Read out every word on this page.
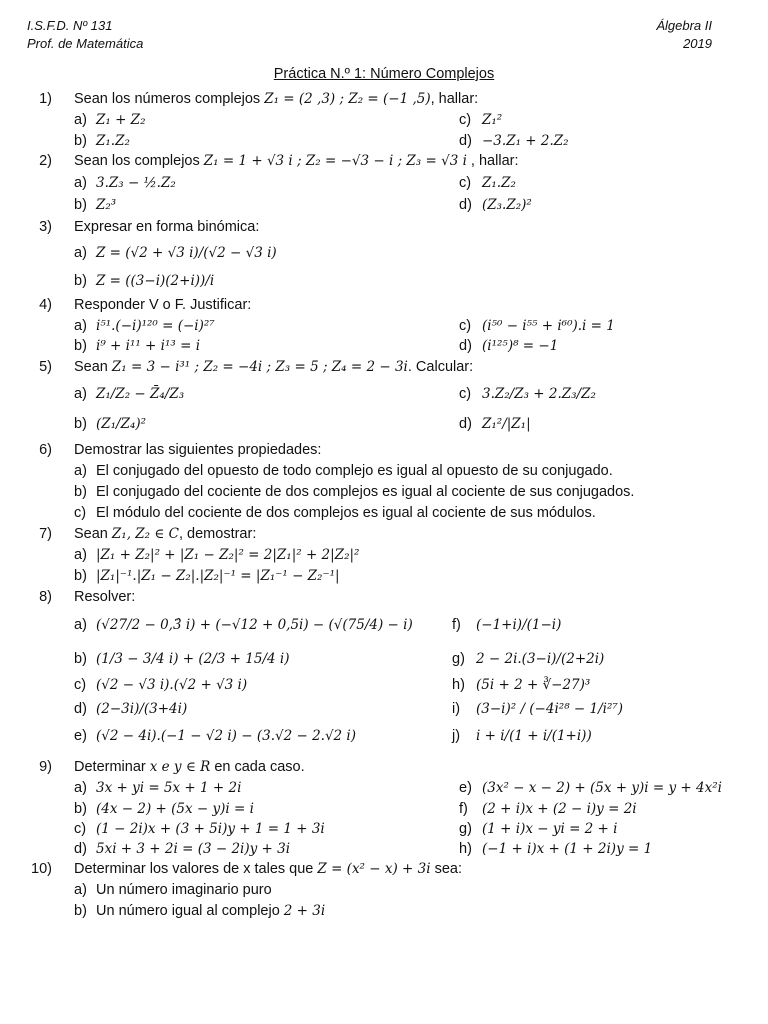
I.S.F.D. Nº 131
Prof. de Matemática
Álgebra II
2019
Práctica N.º 1: Número Complejos
1) Sean los números complejos Z₁ = (2 ,3) ; Z₂ = (−1 ,5), hallar:
a) Z₁ + Z₂	c) Z₁²
b) Z₁.Z₂	d) −3.Z₁ + 2.Z₂
2) Sean los complejos Z₁ = 1 + √3 i ; Z₂ = −√3 − i ; Z₃ = √3 i , hallar:
a) 3.Z₃ − ½.Z₂	c) Z₁.Z₂
b) Z₂³	d) (Z₃.Z₂)²
3) Expresar en forma binómica:
a) Z = (√2 + √3 i)/(√2 − √3 i)
b) Z = ((3−i)(2+i))/i
4) Responder V o F. Justificar:
a) i⁵¹.(−i)¹²⁰ = (−i)²⁷	c) (i⁵⁰ − i⁵⁵ + i⁶⁰).i = 1
b) i⁹ + i¹¹ + i¹³ = i	d) (i¹²⁵)⁸ = −1
5) Sean Z₁ = 3 − i³¹ ; Z₂ = −4i ; Z₃ = 5 ; Z₄ = 2 − 3i. Calcular:
a) Z₁/Z₂ − Z̄₄/Z₃	c) 3.Z₂/Z₃ + 2.Z₃/Z₂
b) (Z₁/Z₄)²	d) Z₁²/|Z₁|
6) Demostrar las siguientes propiedades:
a) El conjugado del opuesto de todo complejo es igual al opuesto de su conjugado.
b) El conjugado del cociente de dos complejos es igual al cociente de sus conjugados.
c) El módulo del cociente de dos complejos es igual al cociente de sus módulos.
7) Sean Z₁, Z₂ ∈ C, demostrar:
a) |Z₁ + Z₂|² + |Z₁ − Z₂|² = 2|Z₁|² + 2|Z₂|²
b) |Z₁|⁻¹.|Z₁ − Z₂|.|Z₂|⁻¹ = |Z₁⁻¹ − Z₂⁻¹|
8) Resolver:
a) (√27/2 − 0,3̂ i) + (−√12 + 0,5i) − (√(75/4) − i)	f) (−1+i)/(1−i)
b) (1/3 − 3/4 i) + (2/3 + 15/4 i)	g) 2 − 2i.(3−i)/(2+2i)
c) (√2 − √3 i).(√2 + √3 i)	h) (5i + 2 + ∛−27)³
d) (2−3i)/(3+4i)	i) (3−i)² / (−4i²⁸ − 1/i²⁷)
e) (√2 − 4i).(−1 − √2 i) − (3.√2 − 2.√2 i)	j) i + i/(1 + i/(1+i))
9) Determinar x e y ∈ R en cada caso.
a) 3x + yi = 5x + 1 + 2i	e) (3x² − x − 2) + (5x + y)i = y + 4x²i
b) (4x − 2) + (5x − y)i = i	f) (2 + i)x + (2 − i)y = 2i
c) (1 − 2i)x + (3 + 5i)y + 1 = 1 + 3i	g) (1 + i)x − yi = 2 + i
d) 5xi + 3 + 2i = (3 − 2i)y + 3i	h) (−1 + i)x + (1 + 2i)y = 1
10) Determinar los valores de x tales que Z = (x² − x) + 3i sea:
a) Un número imaginario puro
b) Un número igual al complejo 2 + 3i
